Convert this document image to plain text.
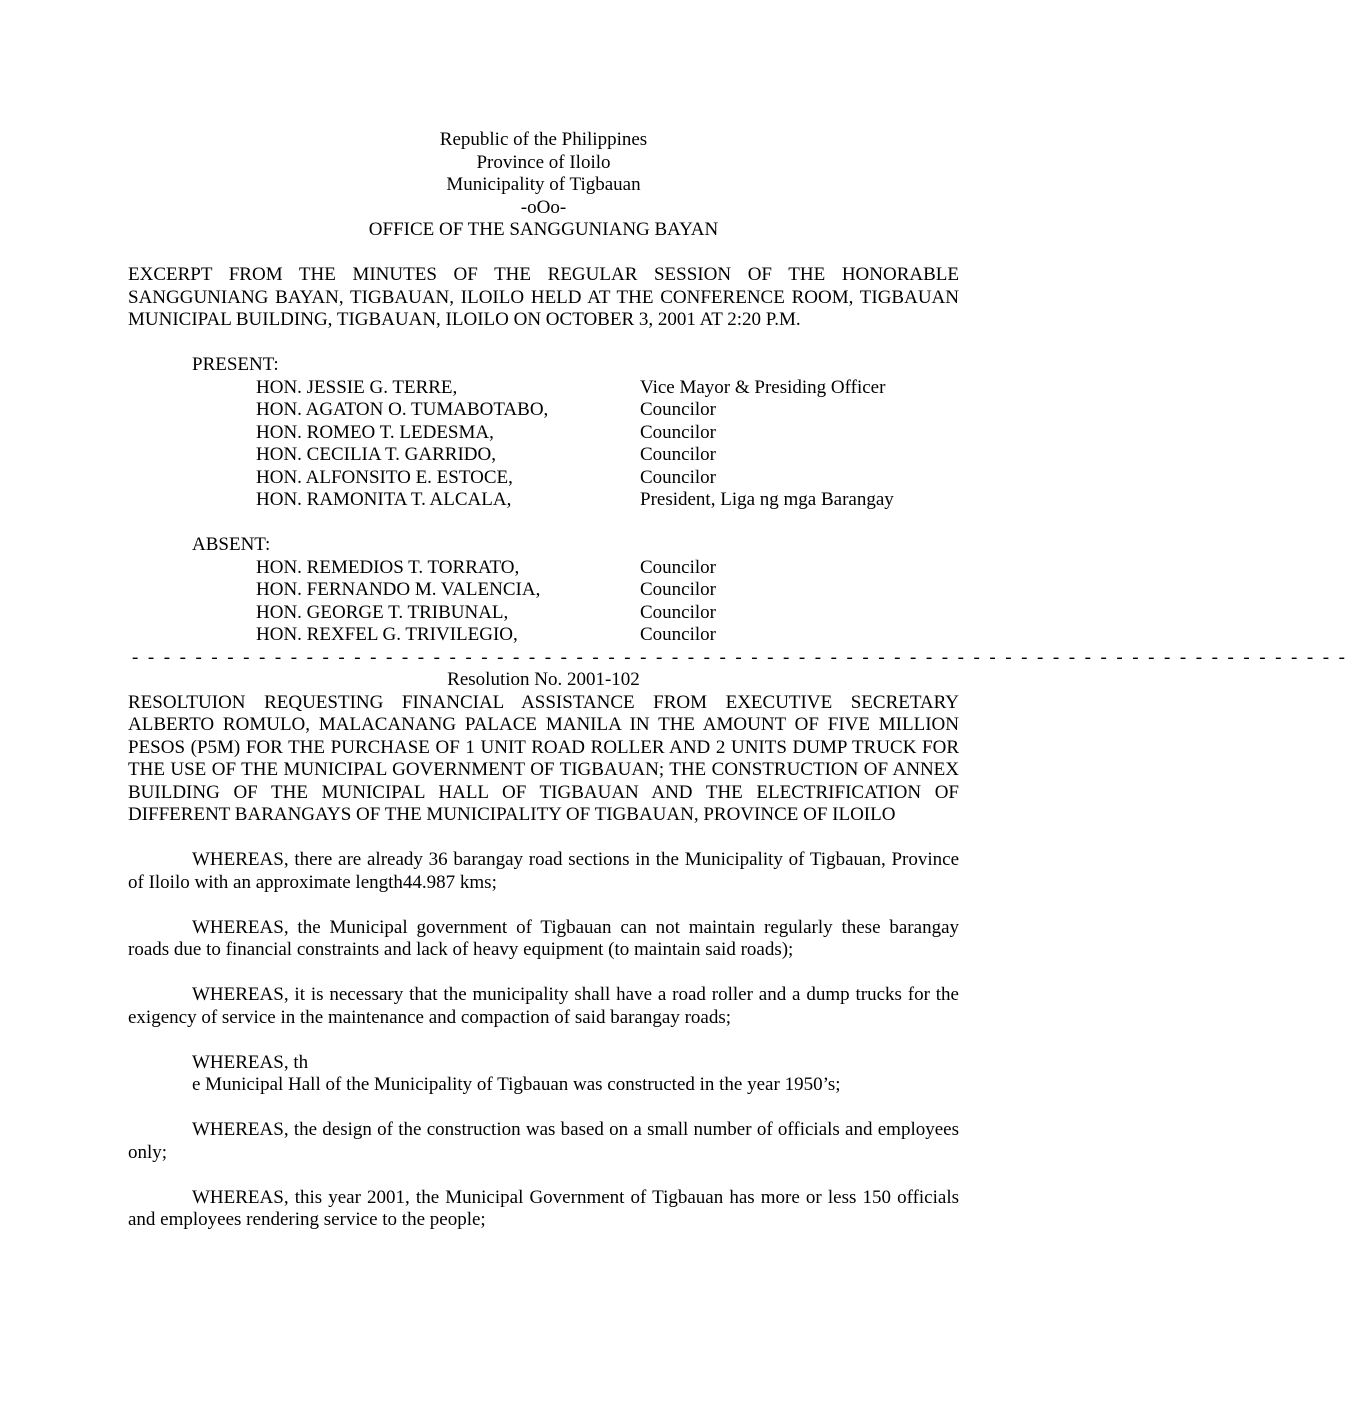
Republic of the Philippines
Province of Iloilo
Municipality of Tigbauan
-oOo-
OFFICE OF THE SANGGUNIANG BAYAN
EXCERPT FROM THE MINUTES OF THE REGULAR SESSION OF THE HONORABLE SANGGUNIANG BAYAN, TIGBAUAN, ILOILO HELD AT THE CONFERENCE ROOM, TIGBAUAN MUNICIPAL BUILDING, TIGBAUAN, ILOILO ON OCTOBER 3, 2001 AT 2:20 P.M.
PRESENT:
HON. JESSIE G. TERRE,	Vice Mayor & Presiding Officer
HON. AGATON O. TUMABOTABO,	Councilor
HON. ROMEO T. LEDESMA,	Councilor
HON. CECILIA T. GARRIDO,	Councilor
HON. ALFONSITO E. ESTOCE,	Councilor
HON. RAMONITA T. ALCALA,	President, Liga ng mga Barangay
ABSENT:
HON. REMEDIOS T. TORRATO,	Councilor
HON. FERNANDO M. VALENCIA,	Councilor
HON. GEORGE T. TRIBUNAL,	Councilor
HON. REXFEL G. TRIVILEGIO,	Councilor
- - - - - - - - - - - - - - - - - - - - - - - - - - - - - - - - - - - - - - - - - - - - - - - - - - - - - - - - - - - - - - - - - - - - - - - - - - - - -
Resolution No. 2001-102
RESOLTUION REQUESTING FINANCIAL ASSISTANCE FROM EXECUTIVE SECRETARY ALBERTO ROMULO, MALACANANG PALACE MANILA IN THE AMOUNT OF FIVE MILLION PESOS (P5M) FOR THE PURCHASE OF 1 UNIT ROAD ROLLER AND 2 UNITS DUMP TRUCK FOR THE USE OF THE MUNICIPAL GOVERNMENT OF TIGBAUAN; THE CONSTRUCTION OF ANNEX BUILDING OF THE MUNICIPAL HALL OF TIGBAUAN AND THE ELECTRIFICATION OF DIFFERENT BARANGAYS OF THE MUNICIPALITY OF TIGBAUAN, PROVINCE OF ILOILO
WHEREAS, there are already 36 barangay road sections in the Municipality of Tigbauan, Province of Iloilo with an approximate length44.987 kms;
WHEREAS, the Municipal government of Tigbauan can not maintain regularly these barangay roads due to financial constraints and lack of heavy equipment (to maintain said roads);
WHEREAS, it is necessary that the municipality shall have a road roller and a dump trucks for the exigency of service in the maintenance and compaction of said barangay roads;
WHEREAS, th
e Municipal Hall of the Municipality of Tigbauan was constructed in the year 1950’s;
WHEREAS, the design of the construction was based on a small number of officials and employees only;
WHEREAS, this year 2001, the Municipal Government of Tigbauan has more or less 150 officials and employees rendering service to the people;
